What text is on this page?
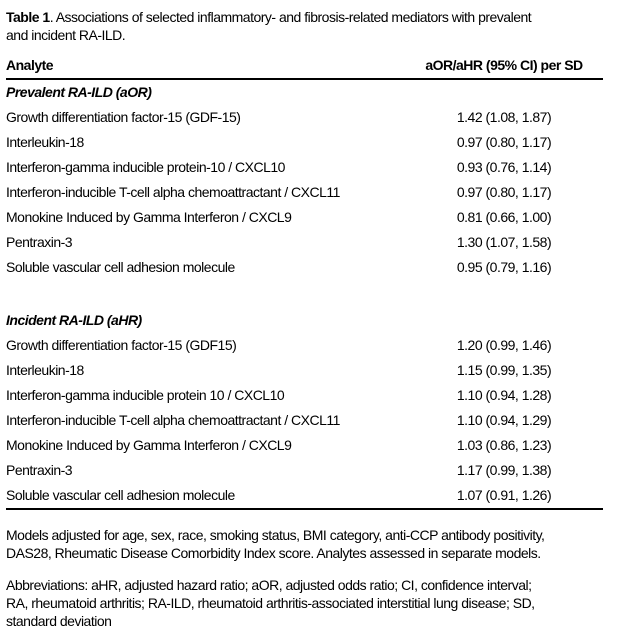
Table 1. Associations of selected inflammatory- and fibrosis-related mediators with prevalent
and incident RA-ILD.
Analyte	aOR/aHR (95% CI) per SD
Prevalent RA-ILD (aOR)
Growth differentiation factor-15 (GDF-15)	1.42 (1.08, 1.87)
Interleukin-18	0.97 (0.80, 1.17)
Interferon-gamma inducible protein-10 / CXCL10	0.93 (0.76, 1.14)
Interferon-inducible T-cell alpha chemoattractant / CXCL11	0.97 (0.80, 1.17)
Monokine Induced by Gamma Interferon / CXCL9	0.81 (0.66, 1.00)
Pentraxin-3	1.30 (1.07, 1.58)
Soluble vascular cell adhesion molecule	0.95 (0.79, 1.16)
Incident RA-ILD (aHR)
Growth differentiation factor-15 (GDF15)	1.20 (0.99, 1.46)
Interleukin-18	1.15 (0.99, 1.35)
Interferon-gamma inducible protein 10 / CXCL10	1.10 (0.94, 1.28)
Interferon-inducible T-cell alpha chemoattractant / CXCL11	1.10 (0.94, 1.29)
Monokine Induced by Gamma Interferon / CXCL9	1.03 (0.86, 1.23)
Pentraxin-3	1.17 (0.99, 1.38)
Soluble vascular cell adhesion molecule	1.07 (0.91, 1.26)
Models adjusted for age, sex, race, smoking status, BMI category, anti-CCP antibody positivity,
DAS28, Rheumatic Disease Comorbidity Index score. Analytes assessed in separate models.
Abbreviations: aHR, adjusted hazard ratio; aOR, adjusted odds ratio; CI, confidence interval;
RA, rheumatoid arthritis; RA-ILD, rheumatoid arthritis-associated interstitial lung disease; SD,
standard deviation
